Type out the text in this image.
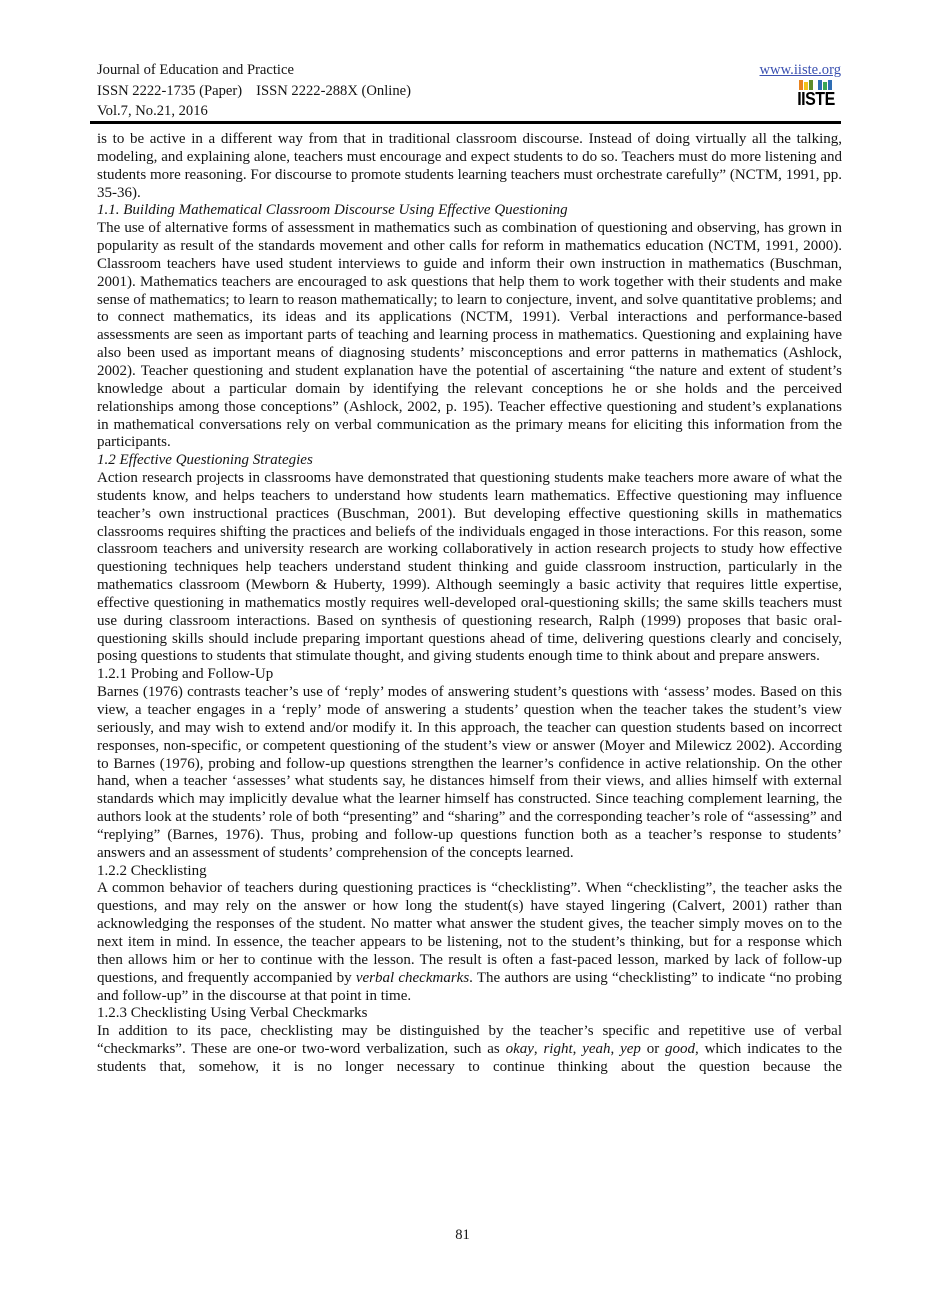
Journal of Education and Practice
ISSN 2222-1735 (Paper) ISSN 2222-288X (Online)
Vol.7, No.21, 2016
www.iiste.org
IISTE

is to be active in a different way from that in traditional classroom discourse. Instead of doing virtually all the talking, modeling, and explaining alone, teachers must encourage and expect students to do so. Teachers must do more listening and students more reasoning. For discourse to promote students learning teachers must orchestrate carefully” (NCTM, 1991, pp. 35-36).

1.1. Building Mathematical Classroom Discourse Using Effective Questioning

The use of alternative forms of assessment in mathematics such as combination of questioning and observing, has grown in popularity as result of the standards movement and other calls for reform in mathematics education (NCTM, 1991, 2000). Classroom teachers have used student interviews to guide and inform their own instruction in mathematics (Buschman, 2001). Mathematics teachers are encouraged to ask questions that help them to work together with their students and make sense of mathematics; to learn to reason mathematically; to learn to conjecture, invent, and solve quantitative problems; and to connect mathematics, its ideas and its applications (NCTM, 1991). Verbal interactions and performance-based assessments are seen as important parts of teaching and learning process in mathematics. Questioning and explaining have also been used as important means of diagnosing students’ misconceptions and error patterns in mathematics (Ashlock, 2002). Teacher questioning and student explanation have the potential of ascertaining “the nature and extent of student’s knowledge about a particular domain by identifying the relevant conceptions he or she holds and the perceived relationships among those conceptions” (Ashlock, 2002, p. 195). Teacher effective questioning and student’s explanations in mathematical conversations rely on verbal communication as the primary means for eliciting this information from the participants.

1.2 Effective Questioning Strategies

Action research projects in classrooms have demonstrated that questioning students make teachers more aware of what the students know, and helps teachers to understand how students learn mathematics. Effective questioning may influence teacher’s own instructional practices (Buschman, 2001). But developing effective questioning skills in mathematics classrooms requires shifting the practices and beliefs of the individuals engaged in those interactions. For this reason, some classroom teachers and university research are working collaboratively in action research projects to study how effective questioning techniques help teachers understand student thinking and guide classroom instruction, particularly in the mathematics classroom (Mewborn & Huberty, 1999). Although seemingly a basic activity that requires little expertise, effective questioning in mathematics mostly requires well-developed oral-questioning skills; the same skills teachers must use during classroom interactions. Based on synthesis of questioning research, Ralph (1999) proposes that basic oral-questioning skills should include preparing important questions ahead of time, delivering questions clearly and concisely, posing questions to students that stimulate thought, and giving students enough time to think about and prepare answers.

1.2.1 Probing and Follow-Up

Barnes (1976) contrasts teacher’s use of ‘reply’ modes of answering student’s questions with ‘assess’ modes. Based on this view, a teacher engages in a ‘reply’ mode of answering a students’ question when the teacher takes the student’s view seriously, and may wish to extend and/or modify it. In this approach, the teacher can question students based on incorrect responses, non-specific, or competent questioning of the student’s view or answer (Moyer and Milewicz 2002). According to Barnes (1976), probing and follow-up questions strengthen the learner’s confidence in active relationship. On the other hand, when a teacher ‘assesses’ what students say, he distances himself from their views, and allies himself with external standards which may implicitly devalue what the learner himself has constructed. Since teaching complement learning, the authors look at the students’ role of both “presenting” and “sharing” and the corresponding teacher’s role of “assessing” and “replying” (Barnes, 1976). Thus, probing and follow-up questions function both as a teacher’s response to students’ answers and an assessment of students’ comprehension of the concepts learned.

1.2.2 Checklisting

A common behavior of teachers during questioning practices is “checklisting”. When “checklisting”, the teacher asks the questions, and may rely on the answer or how long the student(s) have stayed lingering (Calvert, 2001) rather than acknowledging the responses of the student. No matter what answer the student gives, the teacher simply moves on to the next item in mind. In essence, the teacher appears to be listening, not to the student’s thinking, but for a response which then allows him or her to continue with the lesson. The result is often a fast-paced lesson, marked by lack of follow-up questions, and frequently accompanied by verbal checkmarks. The authors are using “checklisting” to indicate “no probing and follow-up” in the discourse at that point in time.

1.2.3 Checklisting Using Verbal Checkmarks

In addition to its pace, checklisting may be distinguished by the teacher’s specific and repetitive use of verbal “checkmarks”. These are one-or two-word verbalization, such as okay, right, yeah, yep or good, which indicates to the students that, somehow, it is no longer necessary to continue thinking about the question because the

81
